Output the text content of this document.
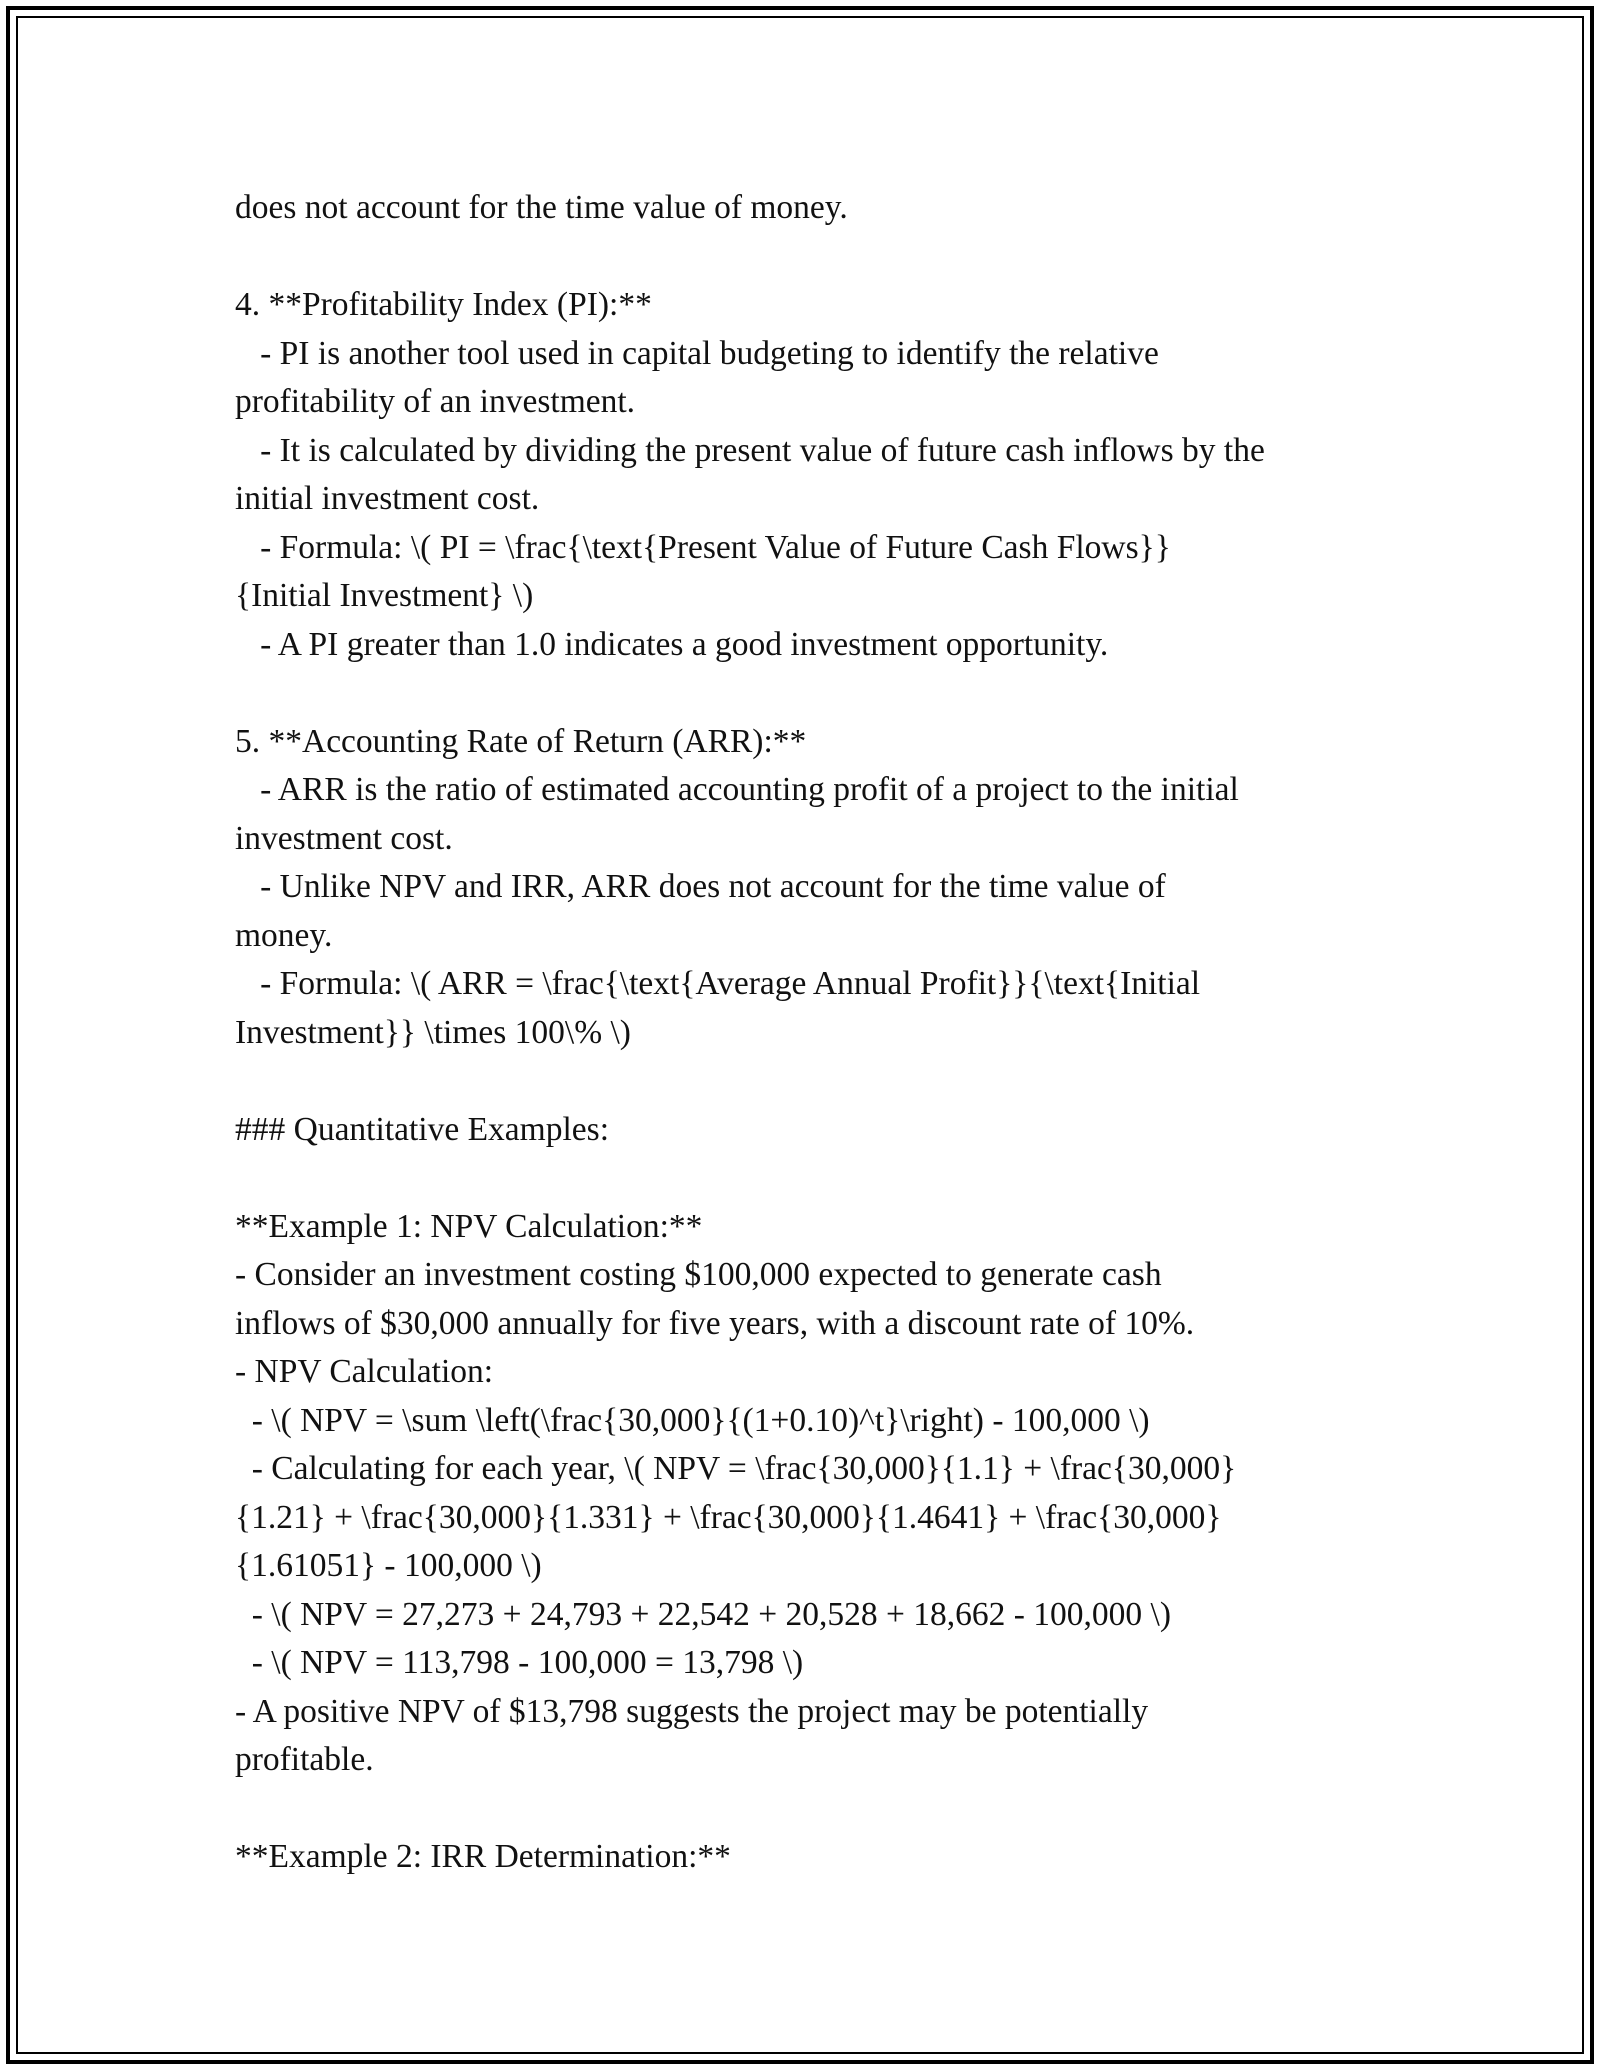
does not account for the time value of money.
4. **Profitability Index (PI):**
- PI is another tool used in capital budgeting to identify the relative
profitability of an investment.
- It is calculated by dividing the present value of future cash inflows by the
initial investment cost.
- Formula: \( PI = \frac{\text{Present Value of Future Cash Flows}}
{Initial Investment} \)
- A PI greater than 1.0 indicates a good investment opportunity.
5. **Accounting Rate of Return (ARR):**
- ARR is the ratio of estimated accounting profit of a project to the initial
investment cost.
- Unlike NPV and IRR, ARR does not account for the time value of
money.
- Formula: \( ARR = \frac{\text{Average Annual Profit}}{\text{Initial
Investment}} \times 100\% \)
### Quantitative Examples:
**Example 1: NPV Calculation:**
- Consider an investment costing $100,000 expected to generate cash
inflows of $30,000 annually for five years, with a discount rate of 10%.
- NPV Calculation:
- \( NPV = \sum \left(\frac{30,000}{(1+0.10)^t}\right) - 100,000 \)
- Calculating for each year, \( NPV = \frac{30,000}{1.1} + \frac{30,000}
{1.21} + \frac{30,000}{1.331} + \frac{30,000}{1.4641} + \frac{30,000}
{1.61051} - 100,000 \)
- \( NPV = 27,273 + 24,793 + 22,542 + 20,528 + 18,662 - 100,000 \)
- \( NPV = 113,798 - 100,000 = 13,798 \)
- A positive NPV of $13,798 suggests the project may be potentially
profitable.
**Example 2: IRR Determination:**
